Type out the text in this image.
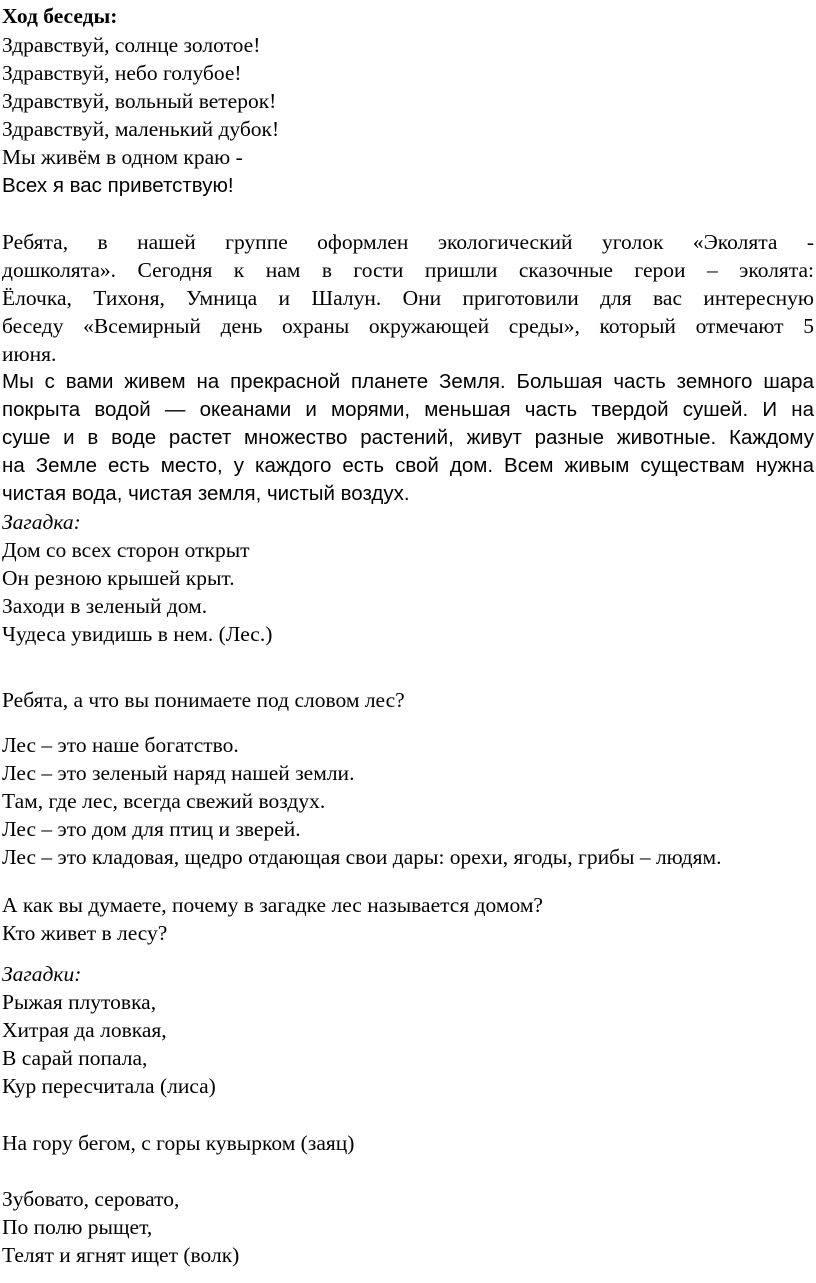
Ход беседы:
Здравствуй, солнце золотое!
Здравствуй, небо голубое!
Здравствуй, вольный ветерок!
Здравствуй, маленький дубок!
Мы живём в одном краю -
Всех я вас приветствую!
Ребята, в нашей группе оформлен экологический уголок «Эколята -
дошколята». Сегодня к нам в гости пришли сказочные герои – эколята:
Ёлочка, Тихоня, Умница и Шалун. Они приготовили для вас интересную
беседу «Всемирный день охраны окружающей среды», который отмечают 5
июня.
Мы с вами живем на прекрасной планете Земля. Большая часть земного шара
покрыта водой — океанами и морями, меньшая часть твердой сушей. И на
суше и в воде растет множество растений, живут разные животные. Каждому
на Земле есть место, у каждого есть свой дом. Всем живым существам нужна
чистая вода, чистая земля, чистый воздух.
Загадка:
Дом со всех сторон открыт
Он резною крышей крыт.
Заходи в зеленый дом.
Чудеса увидишь в нем. (Лес.)
Ребята, а что вы понимаете под словом лес?
Лес – это наше богатство.
Лес – это зеленый наряд нашей земли.
Там, где лес, всегда свежий воздух.
Лес – это дом для птиц и зверей.
Лес – это кладовая, щедро отдающая свои дары: орехи, ягоды, грибы – людям.
А как вы думаете, почему в загадке лес называется домом?
Кто живет в лесу?
Загадки:
Рыжая плутовка,
Хитрая да ловкая,
В сарай попала,
Кур пересчитала (лиса)
На гору бегом, с горы кувырком (заяц)
Зубовато, серовато,
По полю рыщет,
Телят и ягнят ищет (волк)
